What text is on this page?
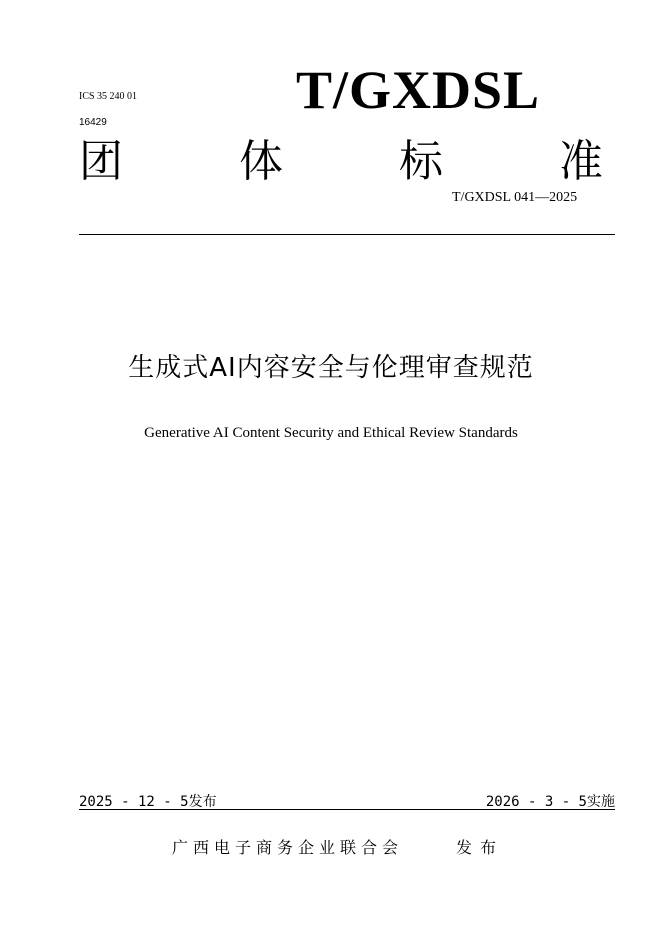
ICS 35 240 01
16429
T/GXDSL
团	体	标	准
T/GXDSL 041—2025
生成式AI内容安全与伦理审查规范
Generative AI Content Security and Ethical Review Standards
2025 - 12 - 5发布	2026 - 3 - 5实施
广西电子商务企业联合会	发布
